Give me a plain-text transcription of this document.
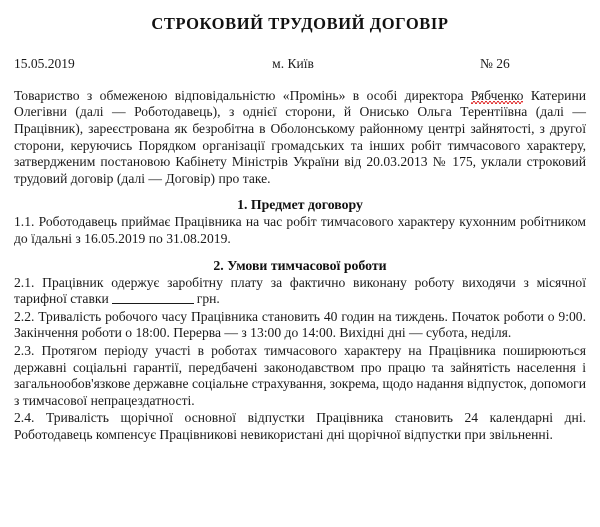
СТРОКОВИЙ ТРУДОВИЙ ДОГОВІР
15.05.2019	м. Київ	№ 26

Товариство з обмеженою відповідальністю «Промінь» в особі директора Рябченко Катерини Олегівни (далі — Роботодавець), з однієї сторони, й Онисько Ольга Терентіївна (далі — Працівник), зареєстрована як безробітна в Оболонському районному центрі зайнятості, з другої сторони, керуючись Порядком організації громадських та інших робіт тимчасового характеру, затвердженим постановою Кабінету Міністрів України від 20.03.2013 № 175, уклали строковий трудовий договір (далі — Договір) про таке.

1. Предмет договору

1.1. Роботодавець приймає Працівника на час робіт тимчасового характеру кухонним робітником до їдальні з 16.05.2019 по 31.08.2019.

2. Умови тимчасової роботи

2.1. Працівник одержує заробітну плату за фактично виконану роботу виходячи з місячної тарифної ставки	грн.

2.2. Тривалість робочого часу Працівника становить 40 годин на тиждень. Початок роботи о 9:00. Закінчення роботи о 18:00. Перерва — з 13:00 до 14:00. Вихідні дні — субота, неділя.

2.3. Протягом періоду участі в роботах тимчасового характеру на Працівника поширюються державні соціальні гарантії, передбачені законодавством про працю та зайнятість населення і загальнообов'язкове державне соціальне страхування, зокрема, щодо надання відпусток, допомоги з тимчасової непрацездатності.

2.4. Тривалість щорічної основної відпустки Працівника становить 24 календарні дні. Роботодавець компенсує Працівникові невикористані дні щорічної відпустки при звільненні.
